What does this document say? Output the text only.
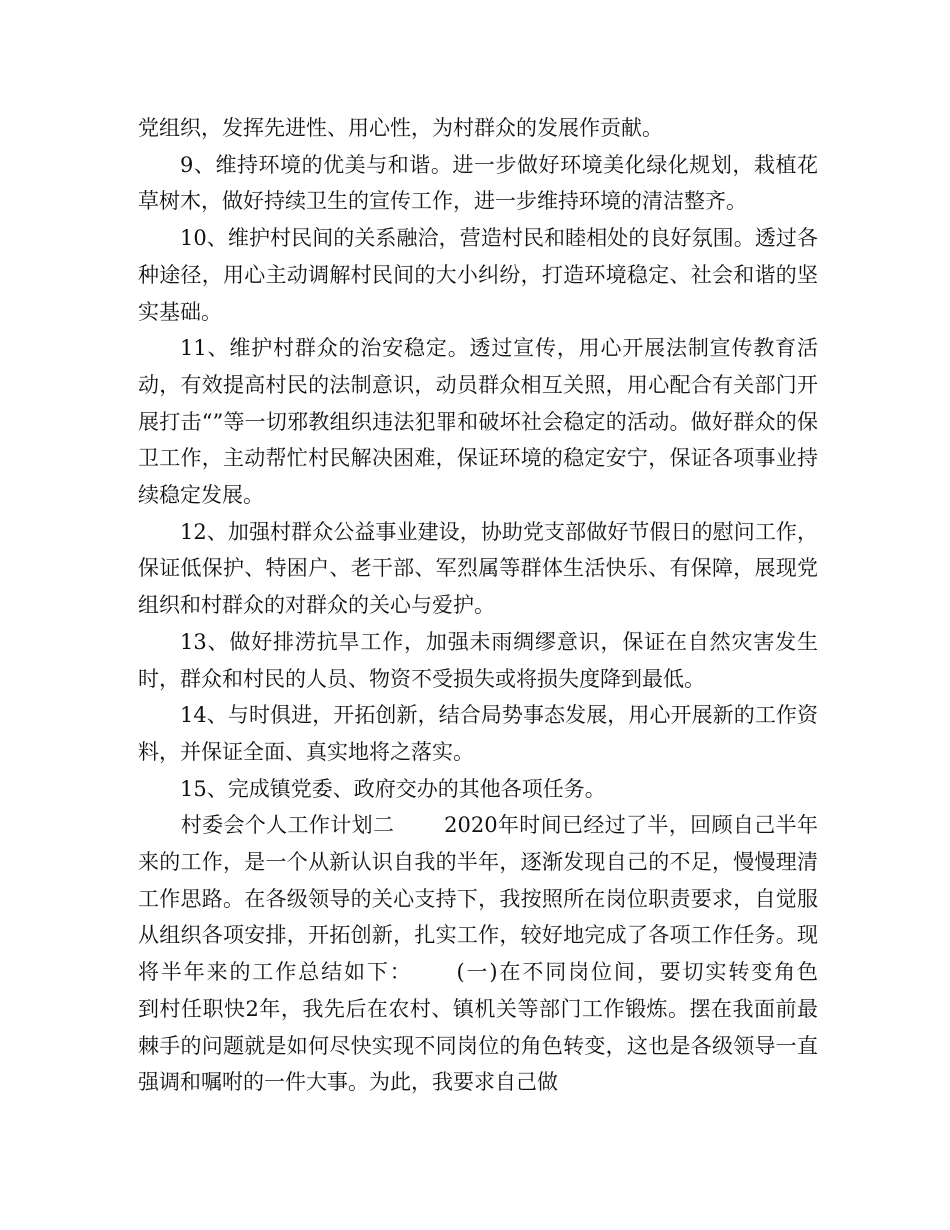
党组织，发挥先进性、用心性，为村群众的发展作贡献。

9、维持环境的优美与和谐。进一步做好环境美化绿化规划，栽植花草树木，做好持续卫生的宣传工作，进一步维持环境的清洁整齐。

10、维护村民间的关系融洽，营造村民和睦相处的良好氛围。透过各种途径，用心主动调解村民间的大小纠纷，打造环境稳定、社会和谐的坚实基础。

11、维护村群众的治安稳定。透过宣传，用心开展法制宣传教育活动，有效提高村民的法制意识，动员群众相互关照，用心配合有关部门开展打击“”等一切邪教组织违法犯罪和破坏社会稳定的活动。做好群众的保卫工作，主动帮忙村民解决困难，保证环境的稳定安宁，保证各项事业持续稳定发展。

12、加强村群众公益事业建设，协助党支部做好节假日的慰问工作，保证低保护、特困户、老干部、军烈属等群体生活快乐、有保障，展现党组织和村群众的对群众的关心与爱护。

13、做好排涝抗旱工作，加强未雨绸缪意识，保证在自然灾害发生时，群众和村民的人员、物资不受损失或将损失度降到最低。

14、与时俱进，开拓创新，结合局势事态发展，用心开展新的工作资料，并保证全面、真实地将之落实。

15、完成镇党委、政府交办的其他各项任务。

　　村委会个人工作计划二　　 2020年时间已经过了半，回顾自己半年来的工作，是一个从新认识自我的半年，逐渐发现自己的不足，慢慢理清工作思路。在各级领导的关心支持下，我按照所在岗位职责要求，自觉服从组织各项安排，开拓创新，扎实工作，较好地完成了各项工作任务。现将半年来的工作总结如下：　　 (一)在不同岗位间，要切实转变角色　　 到村任职快2年，我先后在农村、镇机关等部门工作锻炼。摆在我面前最棘手的问题就是如何尽快实现不同岗位的角色转变，这也是各级领导一直强调和嘱咐的一件大事。为此，我要求自己做
